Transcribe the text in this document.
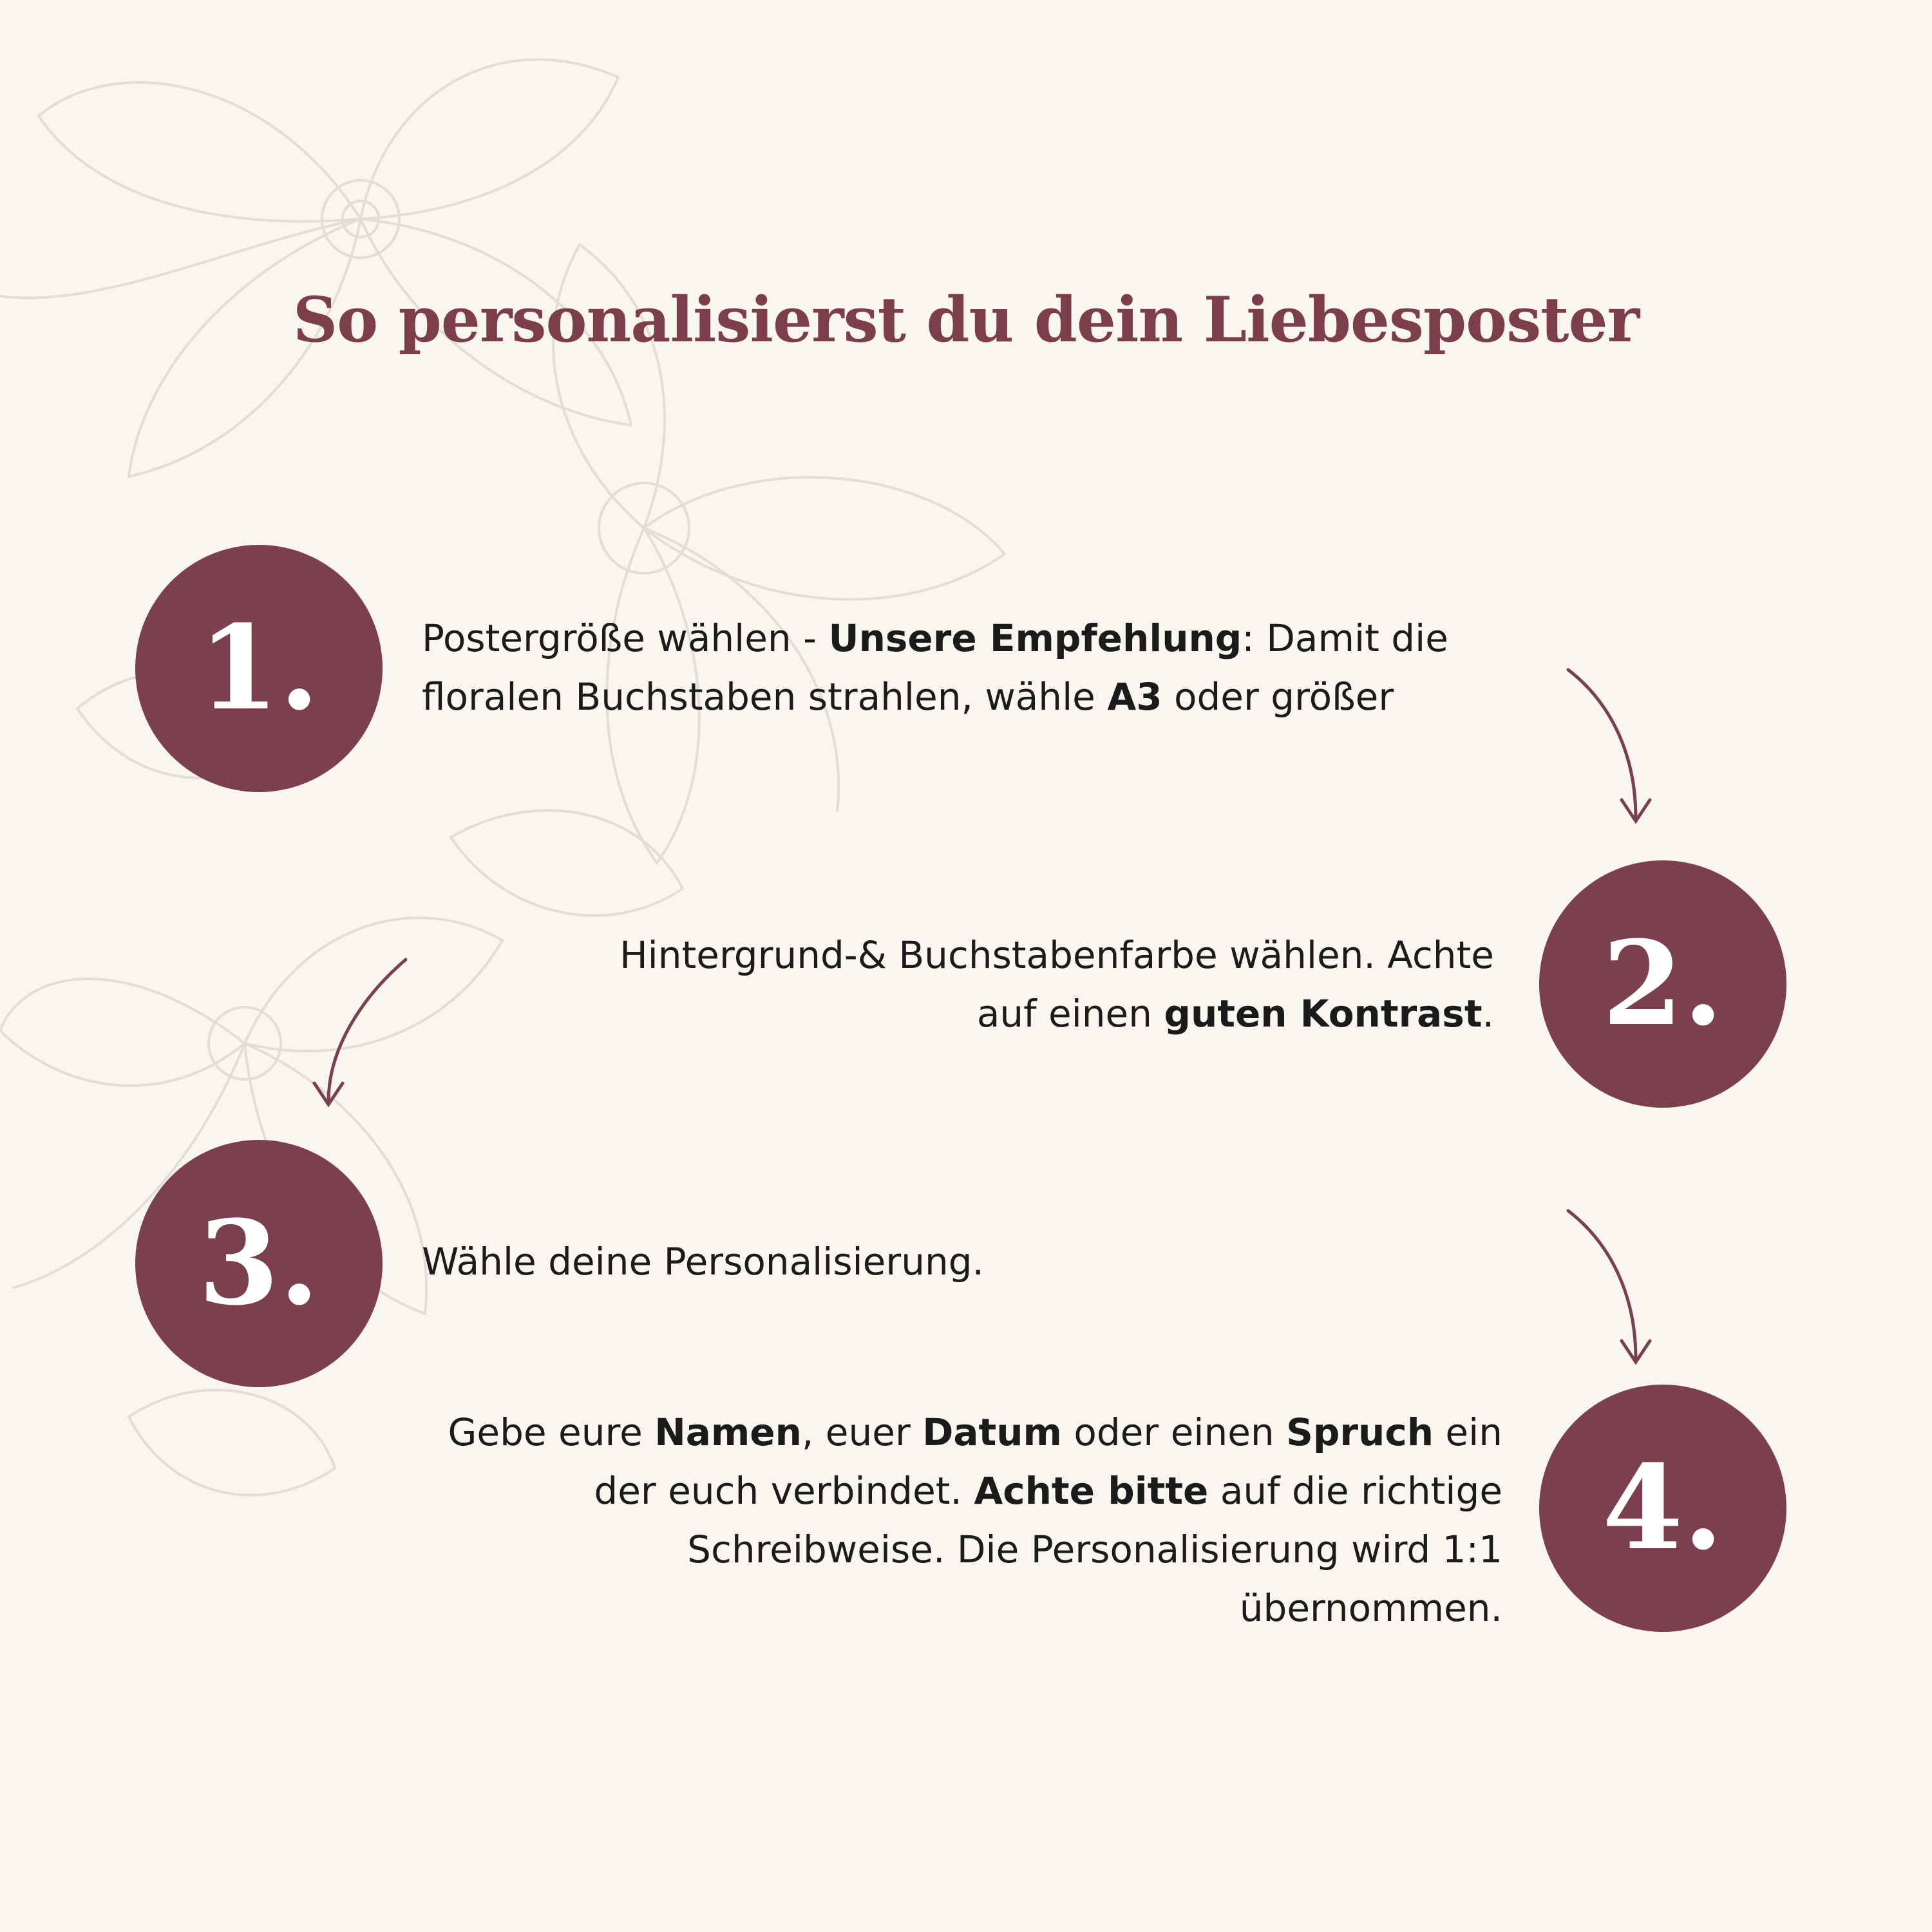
So personalisierst du dein Liebesposter
1.	Postergröße wählen - Unsere Empfehlung: Damit die floralen Buchstaben strahlen, wähle A3 oder größer
2.
Hintergrund-& Buchstabenfarbe wählen. Achte auf einen guten Kontrast.
3.	Wähle deine Personalisierung.
4.
Gebe eure Namen, euer Datum oder einen Spruch ein der euch verbindet. Achte bitte auf die richtige Schreibweise. Die Personalisierung wird 1:1 übernommen.
